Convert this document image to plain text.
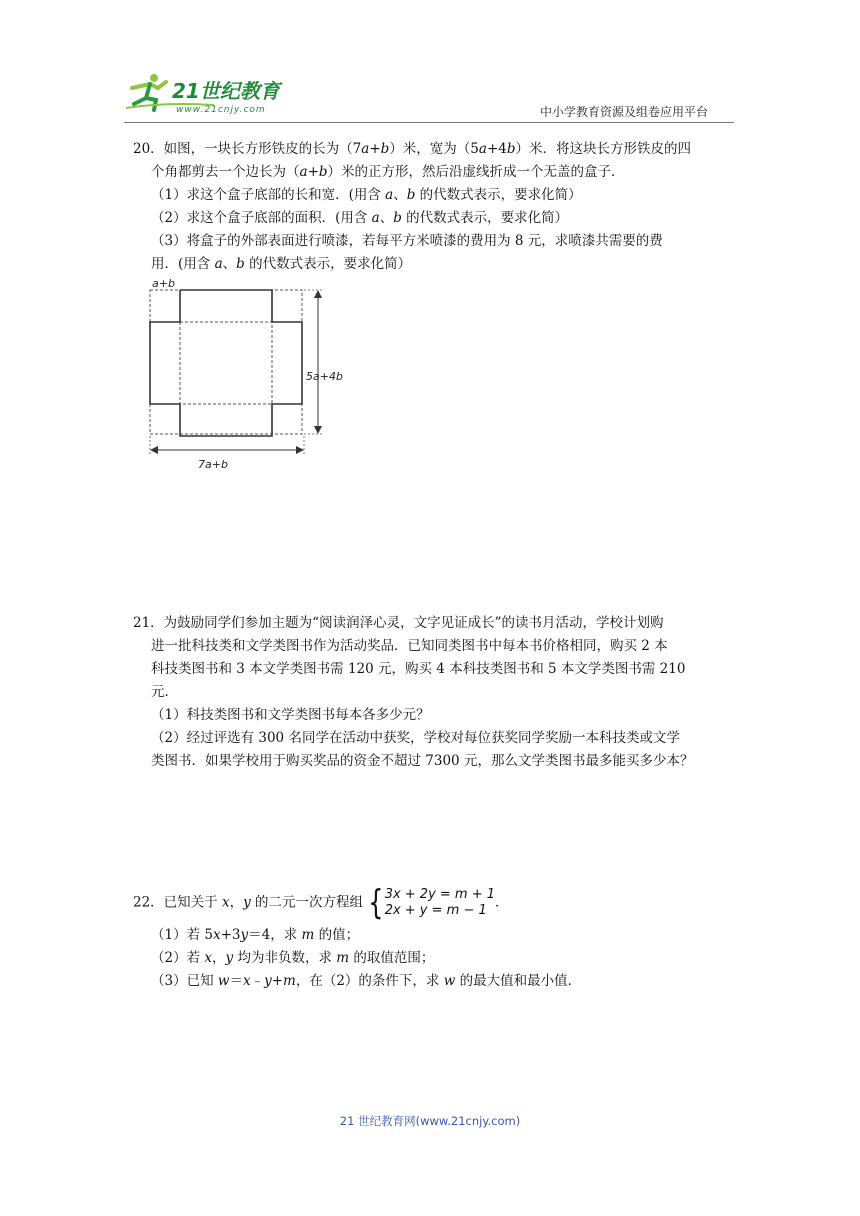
21世纪教育
www.21cnjy.com	中小学教育资源及组卷应用平台

20．如图，一块长方形铁皮的长为（7a+b）米，宽为（5a+4b）米．将这块长方形铁皮的四

个角都剪去一个边长为（a+b）米的正方形，然后沿虚线折成一个无盖的盒子．

（1）求这个盒子底部的长和宽．(用含 a、b 的代数式表示，要求化简）

（2）求这个盒子底部的面积．(用含 a、b 的代数式表示，要求化简）

（3）将盒子的外部表面进行喷漆，若每平方米喷漆的费用为 8 元，求喷漆共需要的费

用．(用含 a、b 的代数式表示，要求化简）

a+b
5a+4b
7a+b

21．为鼓励同学们参加主题为“阅读润泽心灵，文字见证成长”的读书月活动，学校计划购

进一批科技类和文学类图书作为活动奖品．已知同类图书中每本书价格相同，购买 2 本

科技类图书和 3 本文学类图书需 120 元，购买 4 本科技类图书和 5 本文学类图书需 210

元．

（1）科技类图书和文学类图书每本各多少元？

（2）经过评选有 300 名同学在活动中获奖，学校对每位获奖同学奖励一本科技类或文学

类图书．如果学校用于购买奖品的资金不超过 7300 元，那么文学类图书最多能买多少本？

22．已知关于 x，y 的二元一次方程组 { 3x + 2y = m + 1
2x + y = m − 1 ．

（1）若 5x+3y＝4，求 m 的值；

（2）若 x，y 均为非负数，求 m 的取值范围；

（3）已知 w＝x﹣y+m，在（2）的条件下，求 w 的最大值和最小值．

21 世纪教育网(www.21cnjy.com)
